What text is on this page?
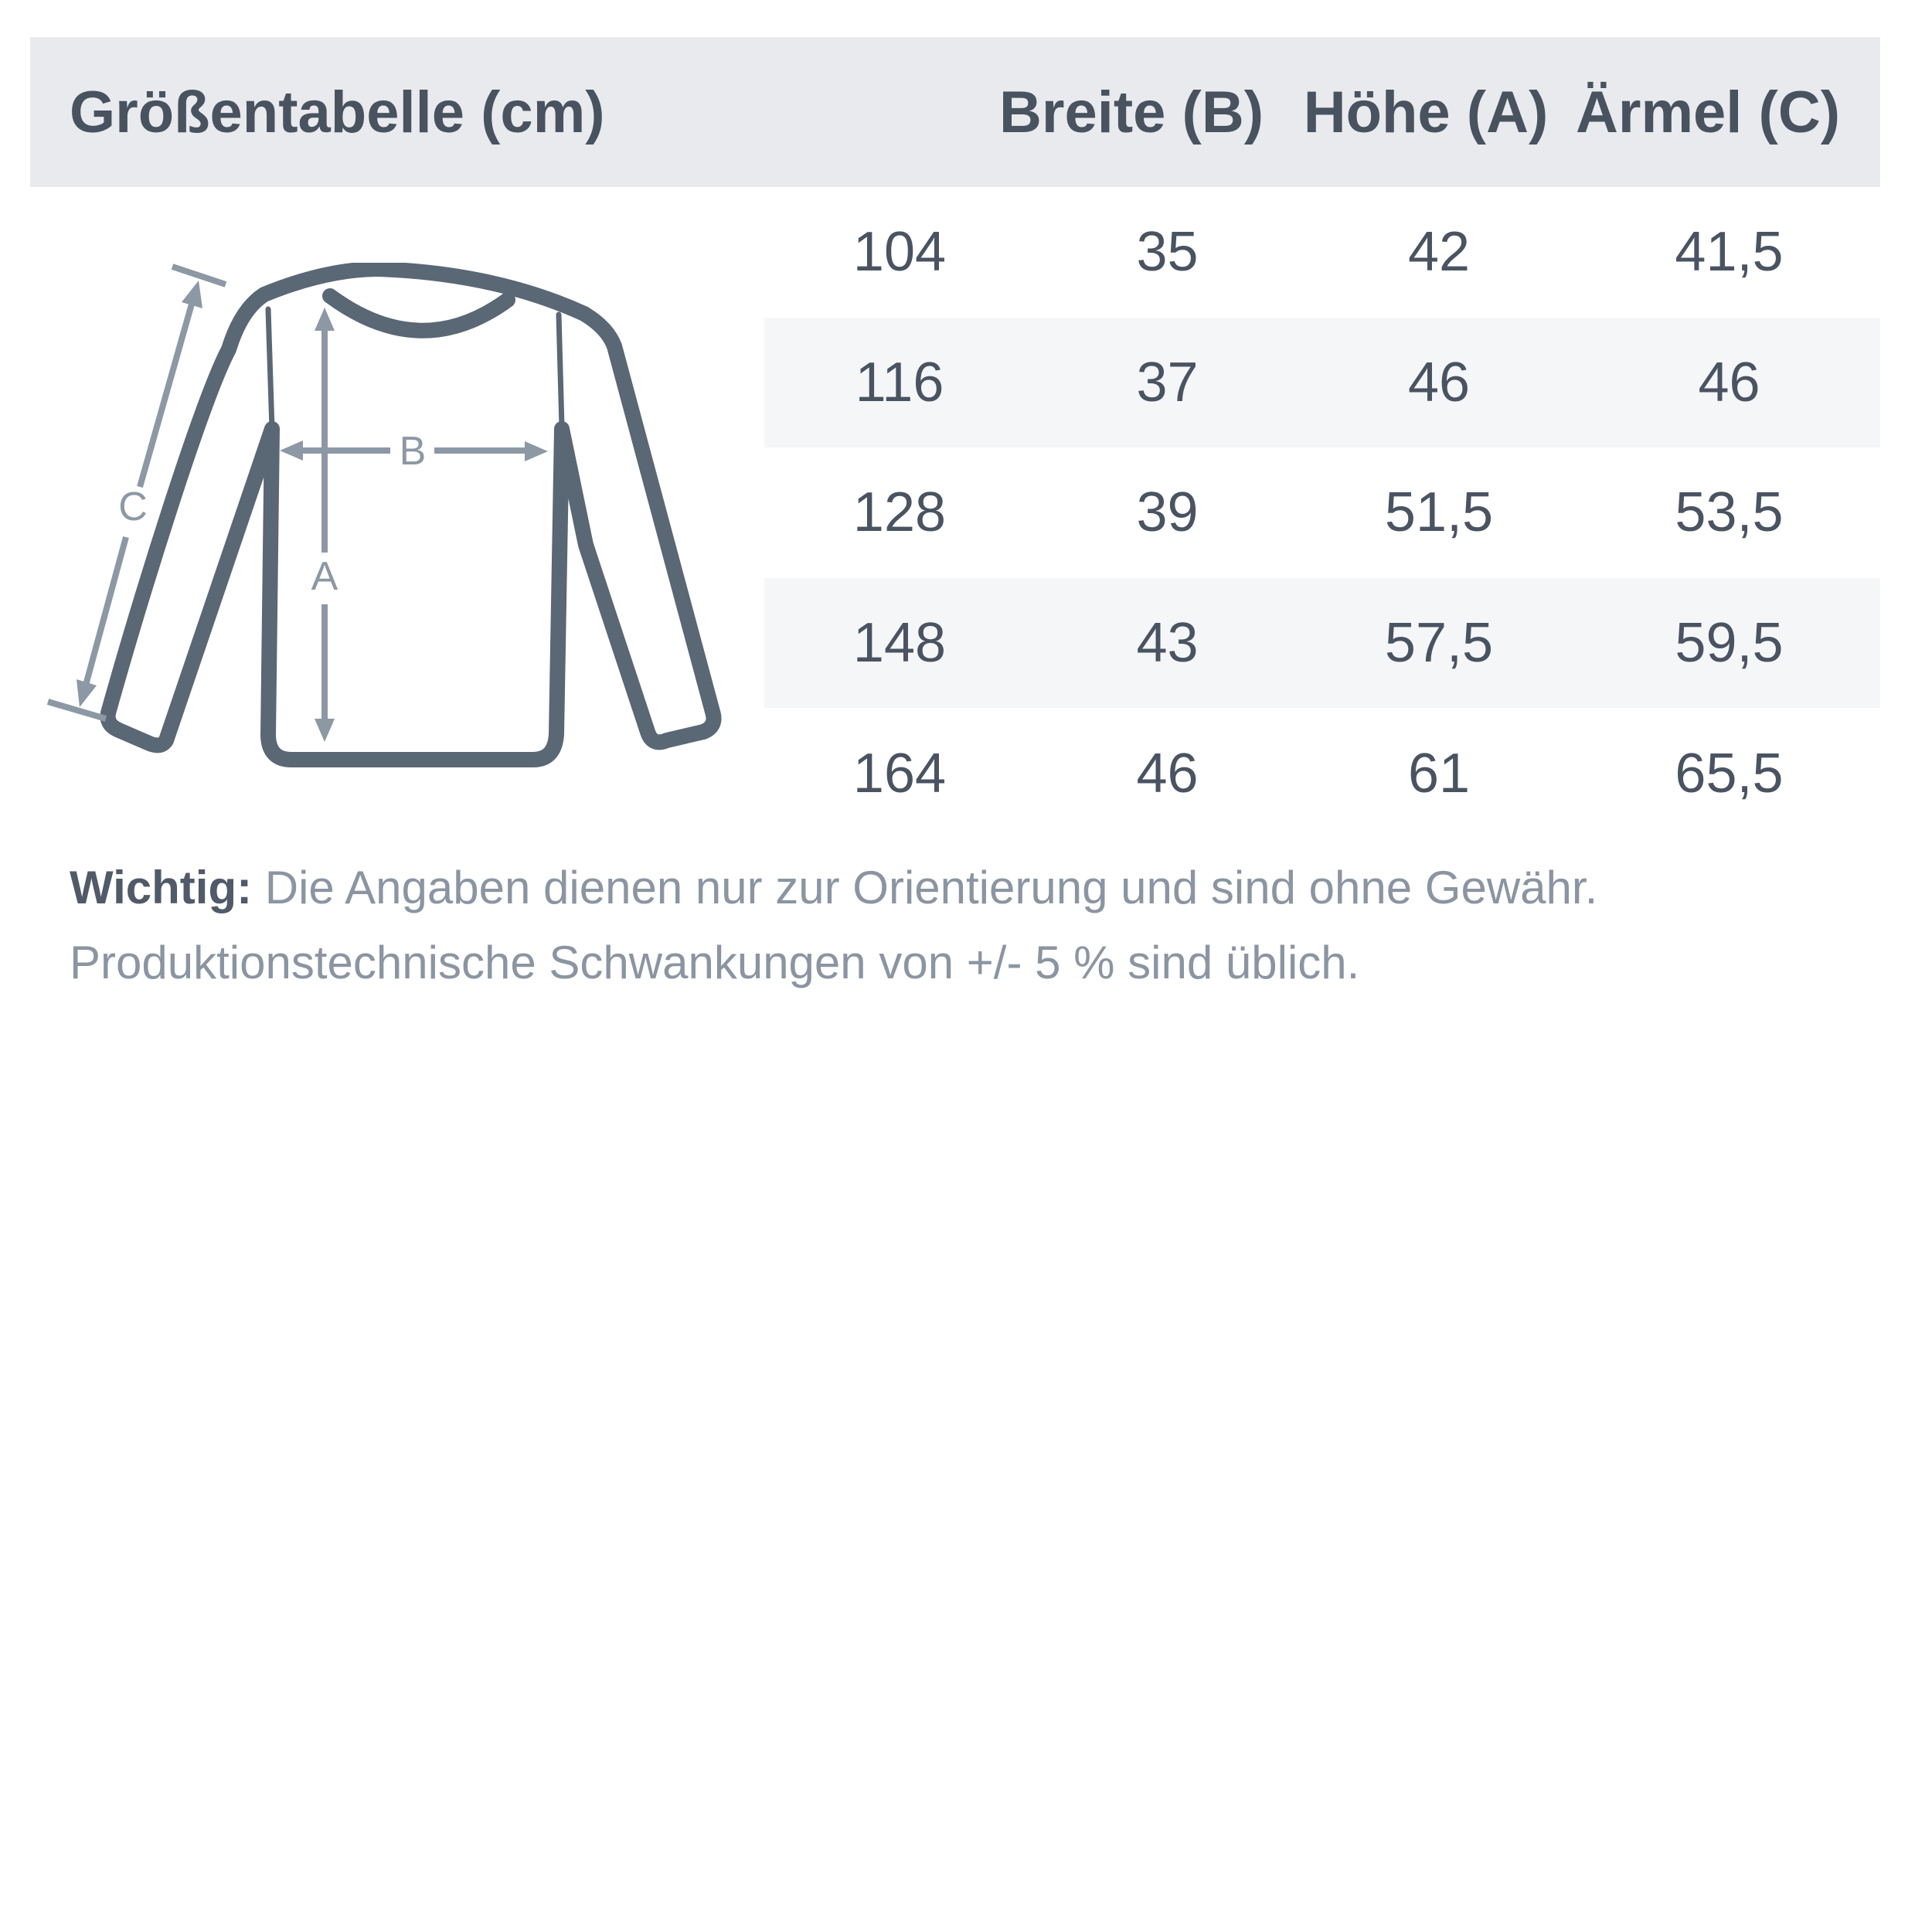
Größentabelle (cm)	Breite (B) Höhe (A) Ärmel (C)
A
B
C
104	35	42	41,5
116	37	46	46
128	39	51,5	53,5
148	43	57,5	59,5
164	46	61	65,5
Wichtig: Die Angaben dienen nur zur Orientierung und sind ohne Gewähr.
Produktionstechnische Schwankungen von +/- 5 % sind üblich.
